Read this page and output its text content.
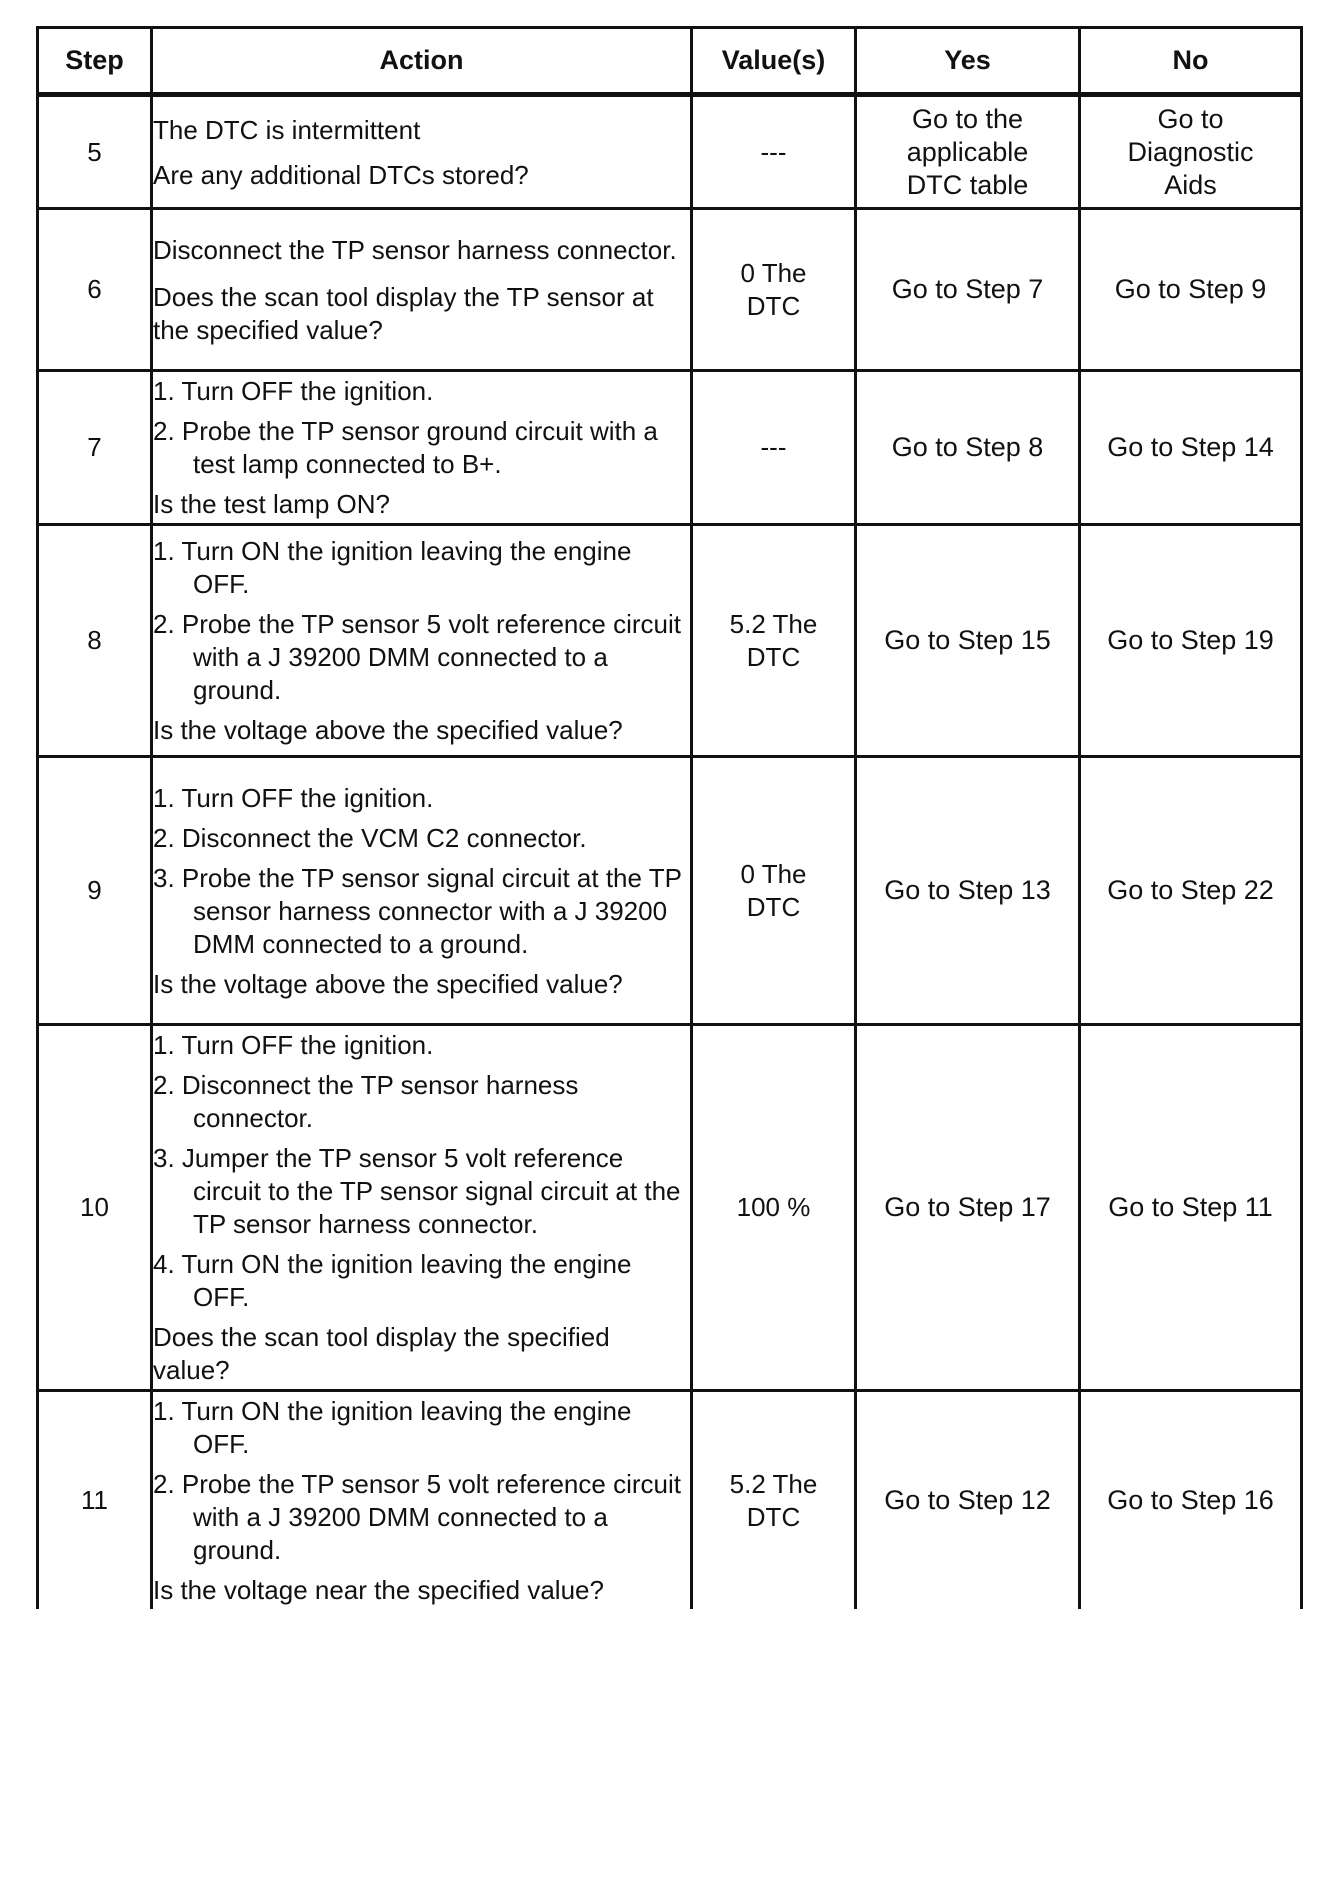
Step	Action	Value(s)	Yes	No
5	The DTC is intermittent
Are any additional DTCs stored?	---	Go to the applicable DTC table	Go to Diagnostic Aids
6	Disconnect the TP sensor harness connector.
Does the scan tool display the TP sensor at the specified value?	0 The DTC	Go to Step 7	Go to Step 9
7	1. Turn OFF the ignition.
2. Probe the TP sensor ground circuit with a test lamp connected to B+.
Is the test lamp ON?	---	Go to Step 8	Go to Step 14
8	1. Turn ON the ignition leaving the engine OFF.
2. Probe the TP sensor 5 volt reference circuit with a J 39200 DMM connected to a ground.
Is the voltage above the specified value?	5.2 The DTC	Go to Step 15	Go to Step 19
9	1. Turn OFF the ignition.
2. Disconnect the VCM C2 connector.
3. Probe the TP sensor signal circuit at the TP sensor harness connector with a J 39200 DMM connected to a ground.
Is the voltage above the specified value?	0 The DTC	Go to Step 13	Go to Step 22
10	1. Turn OFF the ignition.
2. Disconnect the TP sensor harness connector.
3. Jumper the TP sensor 5 volt reference circuit to the TP sensor signal circuit at the TP sensor harness connector.
4. Turn ON the ignition leaving the engine OFF.
Does the scan tool display the specified value?	100 %	Go to Step 17	Go to Step 11
11	1. Turn ON the ignition leaving the engine OFF.
2. Probe the TP sensor 5 volt reference circuit with a J 39200 DMM connected to a ground.
Is the voltage near the specified value?	5.2 The DTC	Go to Step 12	Go to Step 16
